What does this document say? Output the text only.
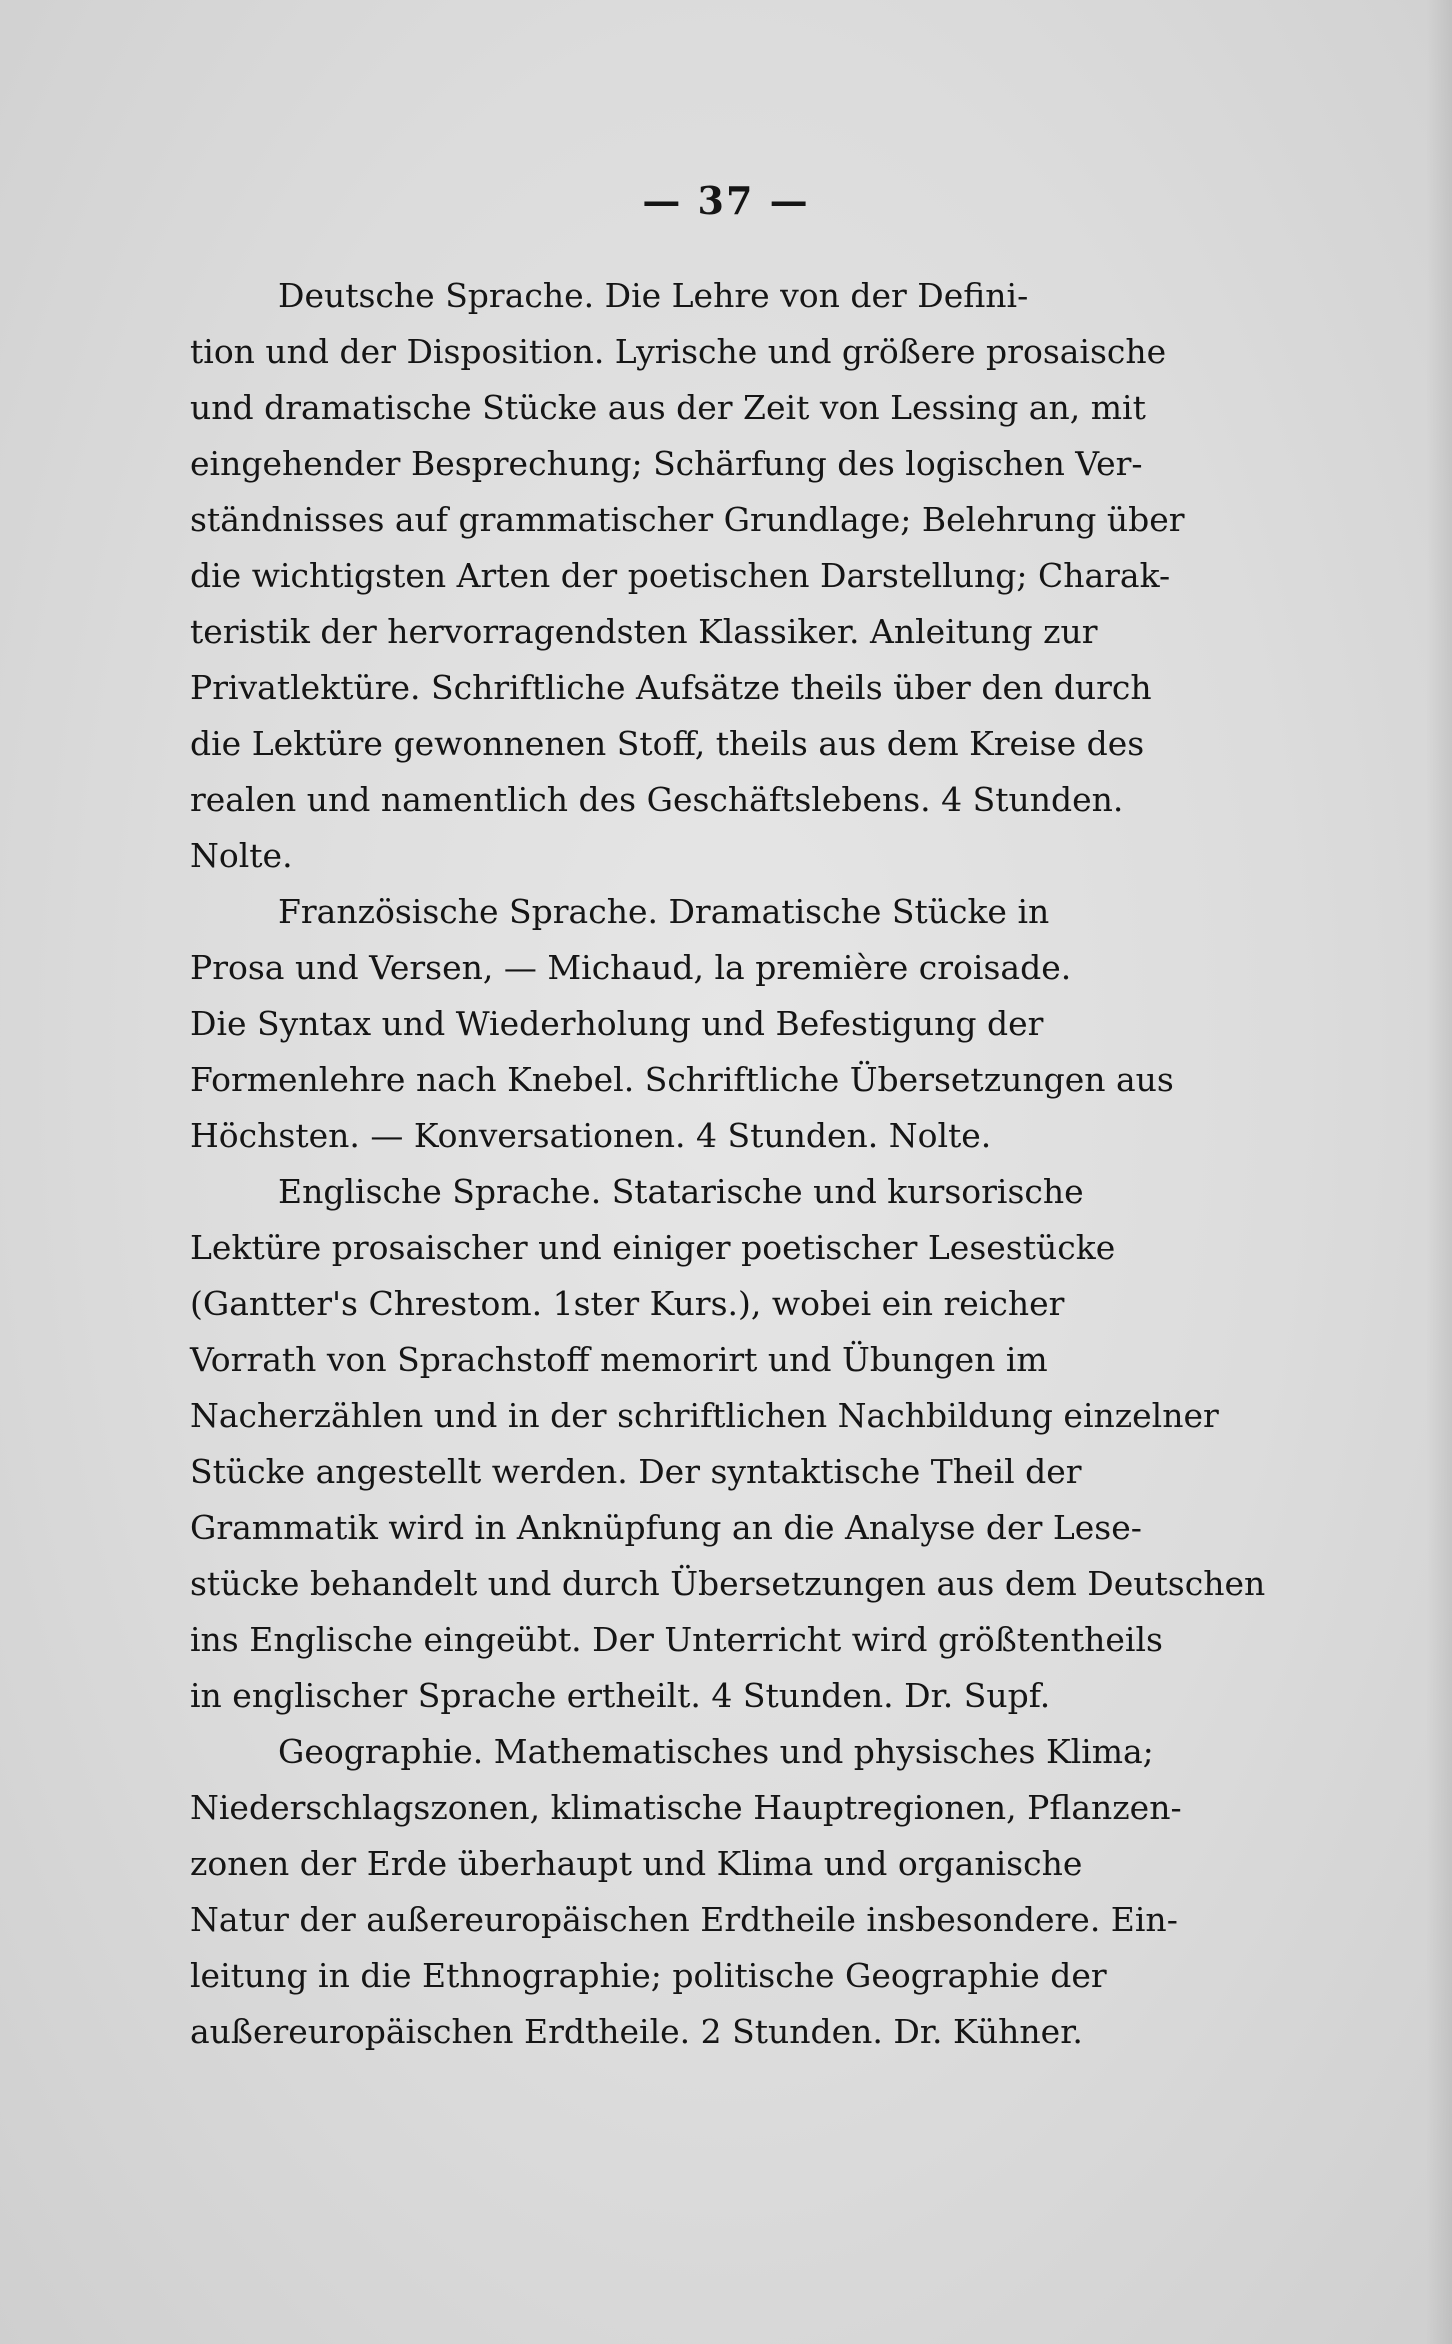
— 37 —
Deutsche Sprache. Die Lehre von der Defini-
tion und der Disposition. Lyrische und größere prosaische
und dramatische Stücke aus der Zeit von Lessing an, mit
eingehender Besprechung; Schärfung des logischen Ver-
ständnisses auf grammatischer Grundlage; Belehrung über
die wichtigsten Arten der poetischen Darstellung; Charak-
teristik der hervorragendsten Klassiker. Anleitung zur
Privatlektüre. Schriftliche Aufsätze theils über den durch
die Lektüre gewonnenen Stoff, theils aus dem Kreise des
realen und namentlich des Geschäftslebens. 4 Stunden.
Nolte.
Französische Sprache. Dramatische Stücke in
Prosa und Versen, — Michaud, la première croisade.
Die Syntax und Wiederholung und Befestigung der
Formenlehre nach Knebel. Schriftliche Übersetzungen aus
Höchsten. — Konversationen. 4 Stunden. Nolte.
Englische Sprache. Statarische und kursorische
Lektüre prosaischer und einiger poetischer Lesestücke
(Gantter's Chrestom. 1ster Kurs.), wobei ein reicher
Vorrath von Sprachstoff memorirt und Übungen im
Nacherzählen und in der schriftlichen Nachbildung einzelner
Stücke angestellt werden. Der syntaktische Theil der
Grammatik wird in Anknüpfung an die Analyse der Lese-
stücke behandelt und durch Übersetzungen aus dem Deutschen
ins Englische eingeübt. Der Unterricht wird größtentheils
in englischer Sprache ertheilt. 4 Stunden. Dr. Supf.
Geographie. Mathematisches und physisches Klima;
Niederschlagszonen, klimatische Hauptregionen, Pflanzen-
zonen der Erde überhaupt und Klima und organische
Natur der außereuropäischen Erdtheile insbesondere. Ein-
leitung in die Ethnographie; politische Geographie der
außereuropäischen Erdtheile. 2 Stunden. Dr. Kühner.
